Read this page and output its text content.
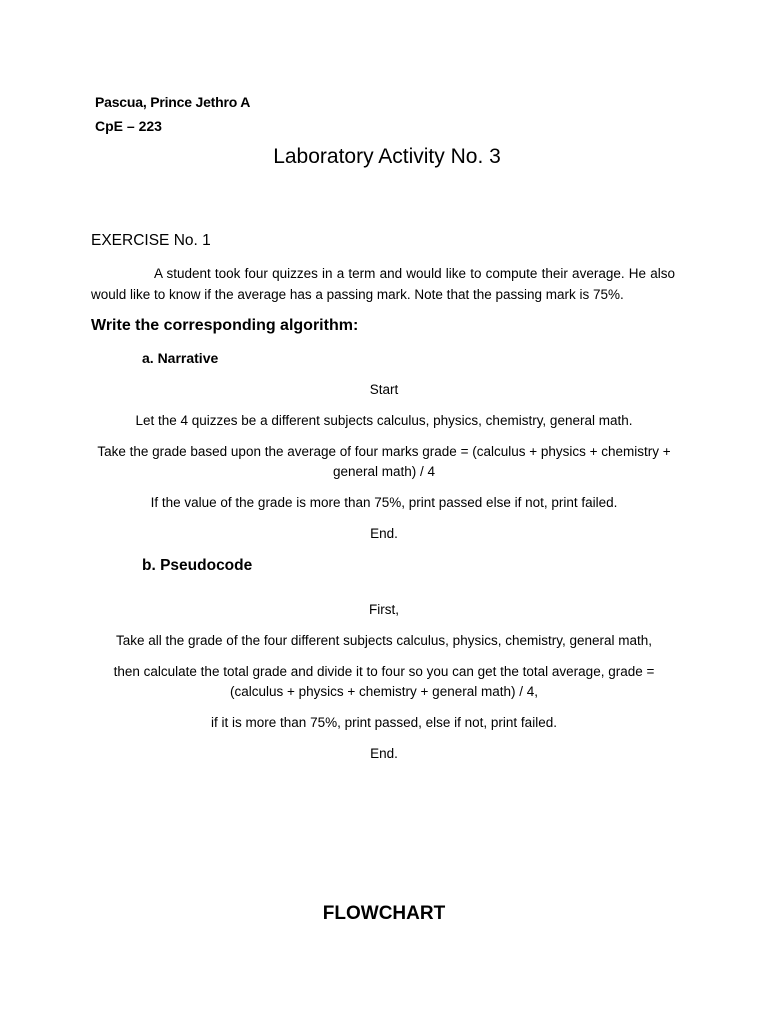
Pascua, Prince Jethro A
CpE – 223
Laboratory Activity No. 3
EXERCISE No. 1
A student took four quizzes in a term and would like to compute their average. He also would like to know if the average has a passing mark. Note that the passing mark is 75%.
Write the corresponding algorithm:
a. Narrative
Start
Let the 4 quizzes be a different subjects calculus, physics, chemistry, general math.
Take the grade based upon the average of four marks grade = (calculus + physics + chemistry + general math) / 4
If the value of the grade is more than 75%, print passed else if not, print failed.
End.
b. Pseudocode
First,
Take all the grade of the four different subjects calculus, physics, chemistry, general math,
then calculate the total grade and divide it to four so you can get the total average, grade = (calculus + physics + chemistry + general math) / 4,
if it is more than 75%, print passed, else if not, print failed.
End.
FLOWCHART
